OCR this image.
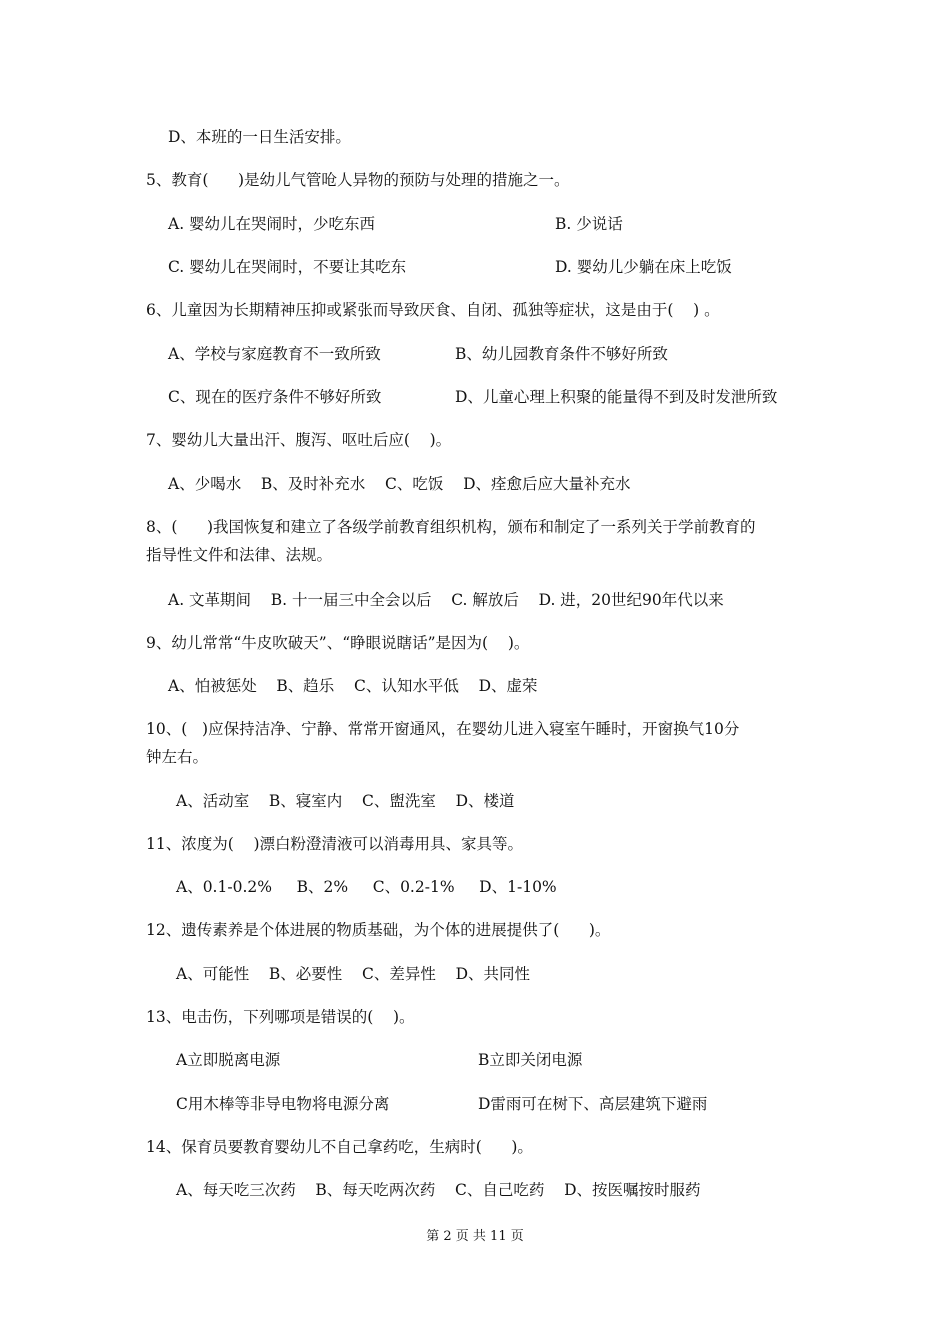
D、本班的一日生活安排。
5、教育(      )是幼儿气管呛人异物的预防与处理的措施之一。
A. 婴幼儿在哭闹时，少吃东西	B. 少说话
C. 婴幼儿在哭闹时，不要让其吃东	D. 婴幼儿少躺在床上吃饭
6、儿童因为长期精神压抑或紧张而导致厌食、自闭、孤独等症状，这是由于(    ) 。
A、学校与家庭教育不一致所致	B、幼儿园教育条件不够好所致
C、现在的医疗条件不够好所致	D、儿童心理上积聚的能量得不到及时发泄所致
7、婴幼儿大量出汗、腹泻、呕吐后应(    )。
A、少喝水    B、及时补充水    C、吃饭    D、痊愈后应大量补充水
8、(      )我国恢复和建立了各级学前教育组织机构，颁布和制定了一系列关于学前教育的
指导性文件和法律、法规。
A. 文革期间    B. 十一届三中全会以后    C. 解放后    D. 进，20世纪90年代以来
9、幼儿常常“牛皮吹破天”、“睁眼说瞎话”是因为(    )。
A、怕被惩处    B、趋乐    C、认知水平低    D、虚荣
10、(   )应保持洁净、宁静、常常开窗通风，在婴幼儿进入寝室午睡时，开窗换气10分
钟左右。
A、活动室    B、寝室内    C、盥洗室    D、楼道
11、浓度为(    )漂白粉澄清液可以消毒用具、家具等。
A、0.1-0.2%     B、2%     C、0.2-1%     D、1-10%
12、遗传素养是个体进展的物质基础，为个体的进展提供了(      )。
A、可能性    B、必要性    C、差异性    D、共同性
13、电击伤，下列哪项是错误的(    )。
A立即脱离电源	B立即关闭电源
C用木棒等非导电物将电源分离	D雷雨可在树下、高层建筑下避雨
14、保育员要教育婴幼儿不自己拿药吃，生病时(      )。
A、每天吃三次药    B、每天吃两次药    C、自己吃药    D、按医嘱按时服药
第 2 页 共 11 页
